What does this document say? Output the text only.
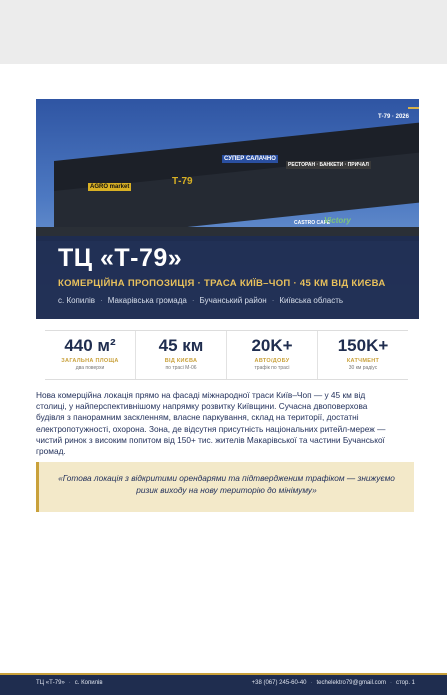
AGRO market	Т-79
СУПЕР САЛАЧНО
РЕСТОРАН · БАНКЕТИ · ПРИЧАЛ
CASTRO CAFE
Victory
Т-79 · 2026
ТЦ «Т-79»
КОМЕРЦІЙНА ПРОПОЗИЦІЯ · ТРАСА КИЇВ–ЧОП · 45 КМ ВІД КИЄВА
с. Копилів · Макарівська громада · Бучанський район · Київська область
440 м²
ЗАГАЛЬНА ПЛОЩА
два поверхи
45 км
ВІД КИЄВА
по трасі М-06
20K+
АВТО/ДОБУ
трафік по трасі
150K+
КАТЧМЕНТ
30 км радіус

Нова комерційна локація прямо на фасаді міжнародної траси Київ–Чоп — у 45 км від столиці, у найперспективнішому напрямку розвитку Київщини. Сучасна двоповерхова будівля з панорамним заскленням, власне паркування, склад на території, достатні електропотужності, охорона. Зона, де відсутня присутність національних ритейл-мереж — чистий ринок з високим попитом від 150+ тис. жителів Макарівської та частини Бучанської громад.

«Готова локація з відкритими орендарями та підтвердженим трафіком — знижуємо ризик виходу на нову територію до мінімуму»
ТЦ «Т-79» · с. Копилів	+38 (067) 245-60-40 · techelektro79@gmail.com · стор. 1
